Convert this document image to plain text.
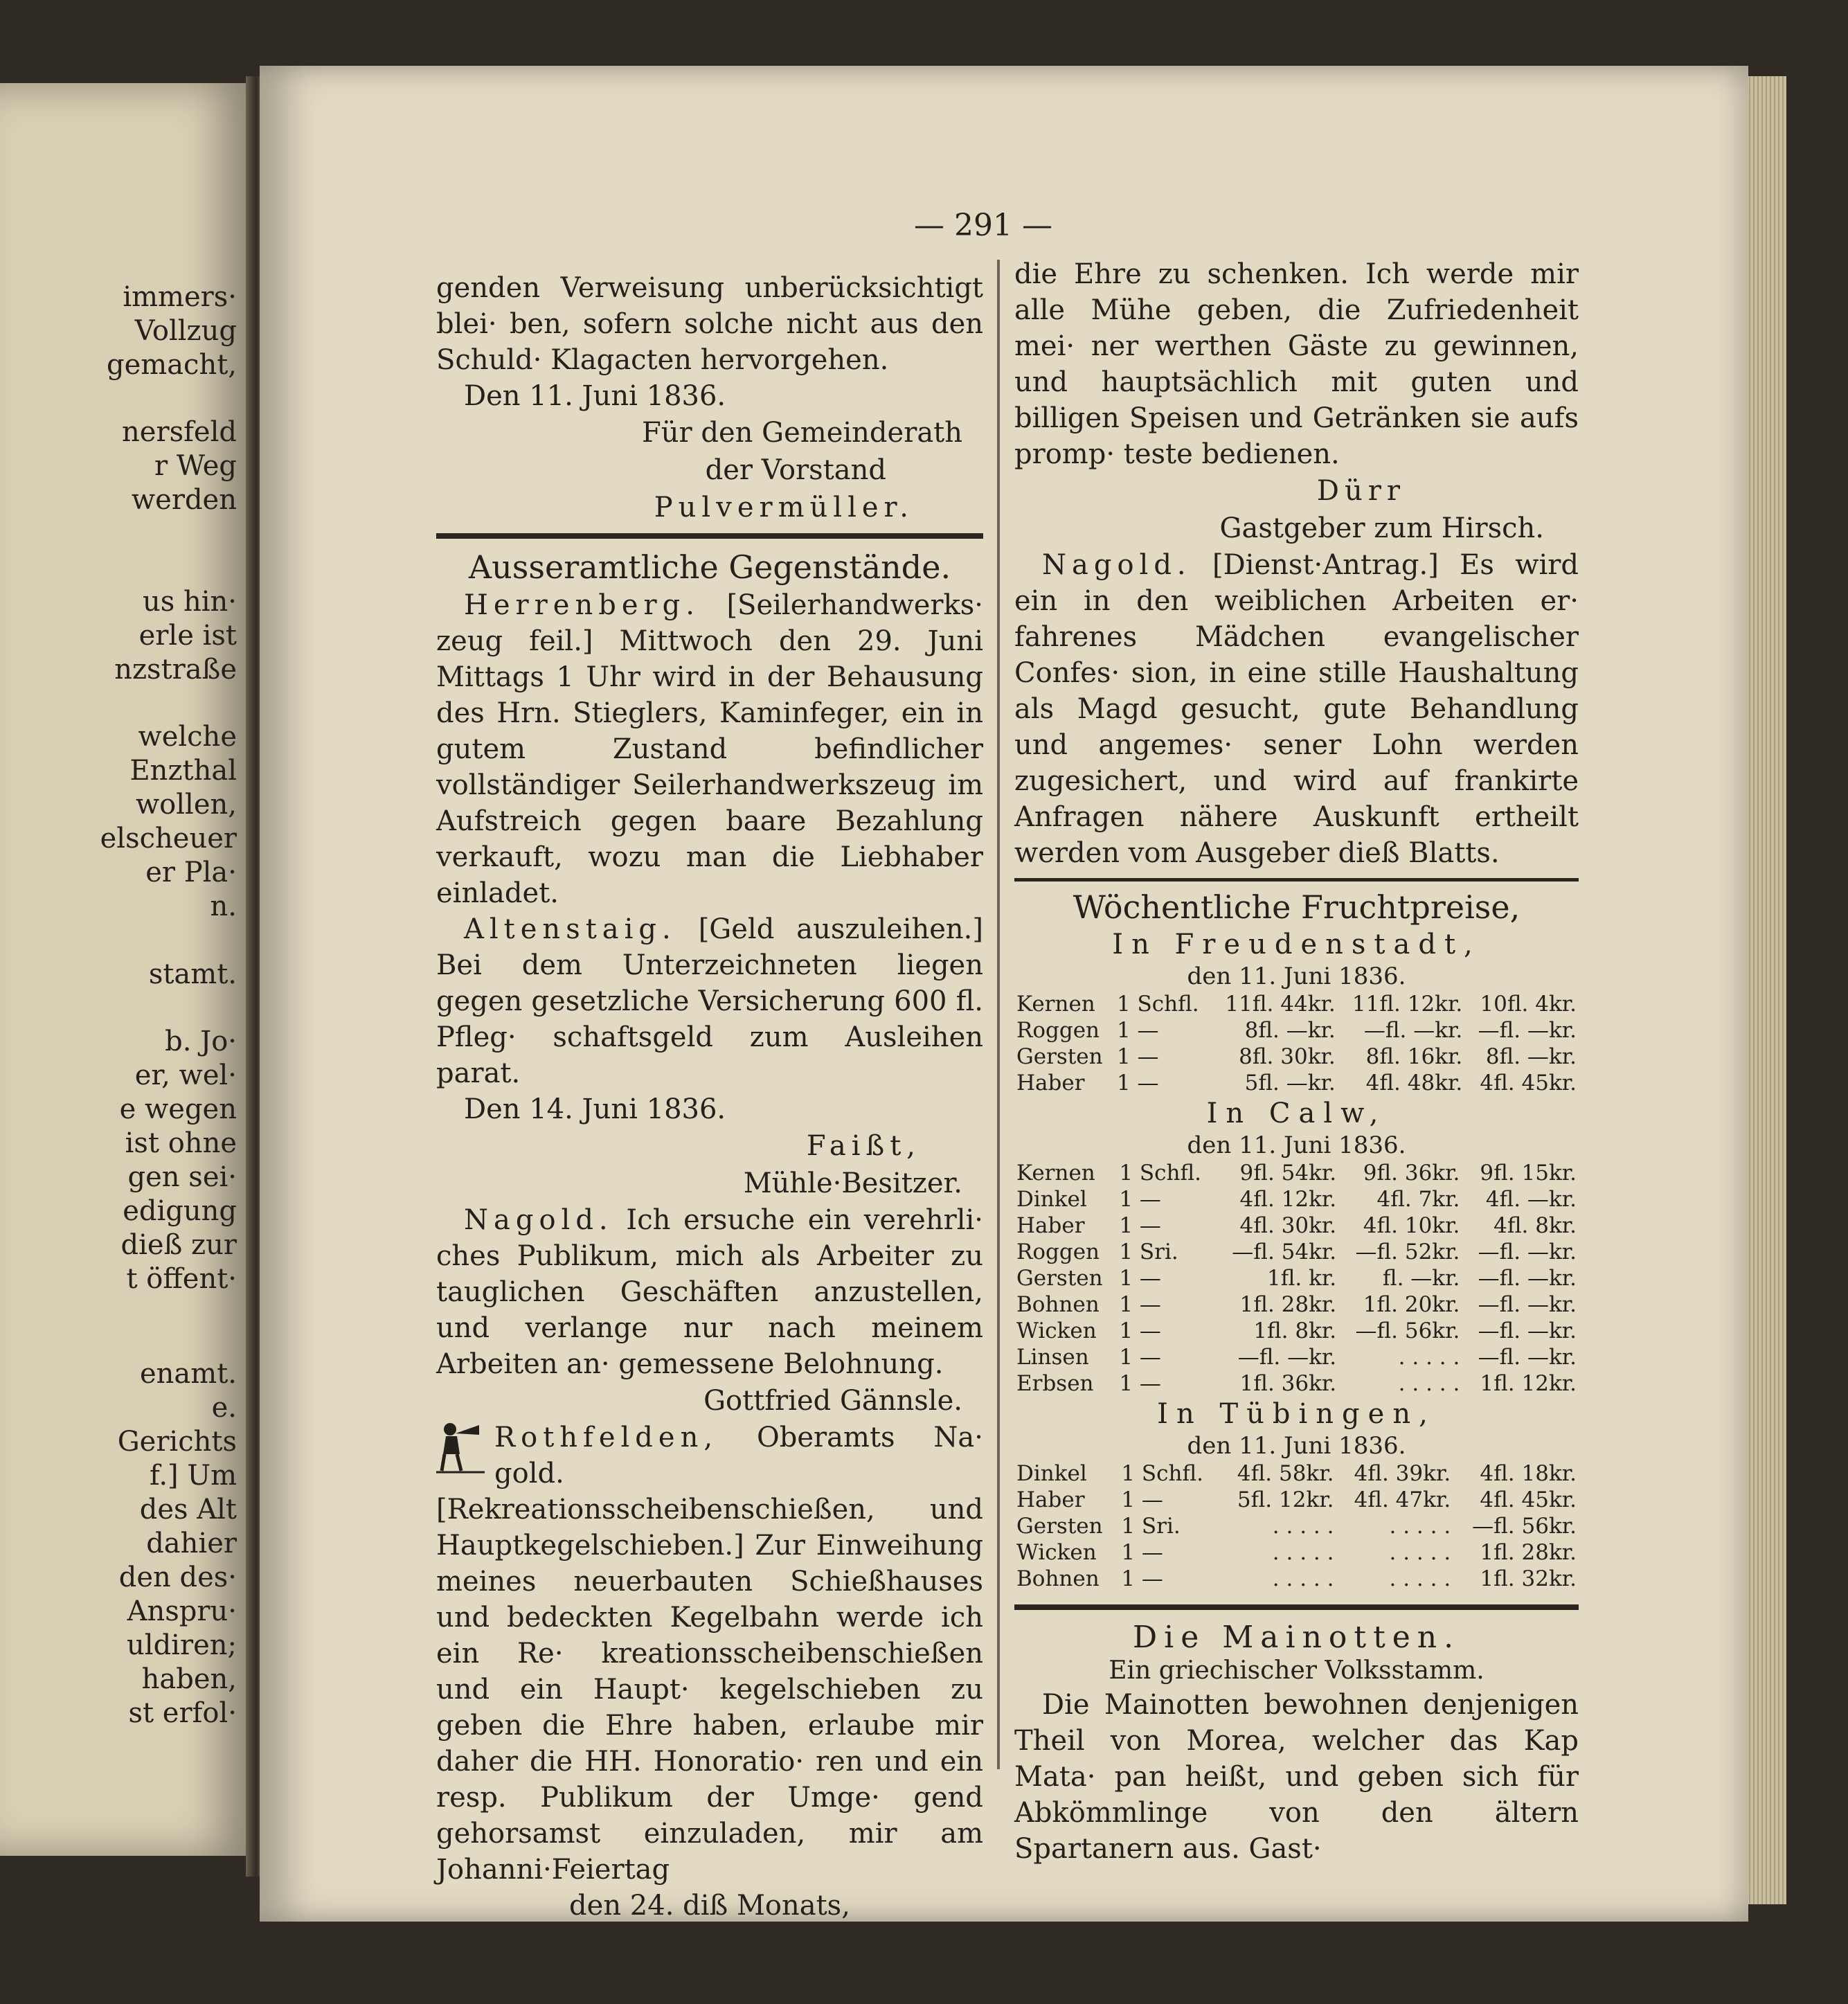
immers·
Vollzug
gemacht,
nersfeld
r Weg
werden
us hin·
erle ist
nzstraße
welche
Enzthal
wollen,
elscheuer
er Pla·
n.
stamt.
b. Jo·
er, wel·
e wegen
ist ohne
gen sei·
edigung
dieß zur
t öffent·
enamt.
e.
Gerichts
f.] Um
des Alt
dahier
den des·
Anspru·
uldiren;
haben,
st erfol·
— 291 —

genden Verweisung unberücksichtigt blei· ben, sofern solche nicht aus den Schuld· Klagacten hervorgehen.

Den 11. Juni 1836.

Für den Gemeinderath

der Vorstand

Pulvermüller.

Ausseramtliche Gegenstände.

Herrenberg. [Seilerhandwerks· zeug feil.] Mittwoch den 29. Juni Mittags 1 Uhr wird in der Behausung des Hrn. Stieglers, Kaminfeger, ein in gutem Zustand befindlicher vollständiger Seilerhandwerkszeug im Aufstreich gegen baare Bezahlung verkauft, wozu man die Liebhaber einladet.

Altenstaig. [Geld auszuleihen.] Bei dem Unterzeichneten liegen gegen gesetzliche Versicherung 600 fl. Pfleg· schaftsgeld zum Ausleihen parat.

Den 14. Juni 1836.

Faißt,

Mühle·Besitzer.

Nagold. Ich ersuche ein verehrli· ches Publikum, mich als Arbeiter zu tauglichen Geschäften anzustellen, und verlange nur nach meinem Arbeiten an· gemessene Belohnung.

Gottfried Gännsle.

Rothfelden, Oberamts Na· gold. [Rekreationsscheibenschießen, und Hauptkegelschieben.] Zur Einweihung meines neuerbauten Schießhauses und bedeckten Kegelbahn werde ich ein Re· kreationsscheibenschießen und ein Haupt· kegelschieben zu geben die Ehre haben, erlaube mir daher die HH. Honoratio· ren und ein resp. Publikum der Umge· gend gehorsamst einzuladen, mir am Johanni·Feiertag

den 24. diß Monats,

die Ehre zu schenken. Ich werde mir alle Mühe geben, die Zufriedenheit mei· ner werthen Gäste zu gewinnen, und hauptsächlich mit guten und billigen Speisen und Getränken sie aufs promp· teste bedienen.

Dürr

Gastgeber zum Hirsch.

Nagold. [Dienst·Antrag.] Es wird ein in den weiblichen Arbeiten er· fahrenes Mädchen evangelischer Confes· sion, in eine stille Haushaltung als Magd gesucht, gute Behandlung und angemes· sener Lohn werden zugesichert, und wird auf frankirte Anfragen nähere Auskunft ertheilt werden vom Ausgeber dieß Blatts.

Wöchentliche Fruchtpreise,
In Freudenstadt,

den 11. Juni 1836.

Kernen	1 Schfl.	11fl. 44kr.	11fl. 12kr.	10fl. 4kr.
Roggen	1 —	8fl. —kr.	—fl. —kr.	—fl. —kr.
Gersten	1 —	8fl. 30kr.	8fl. 16kr.	8fl. —kr.
Haber	1 —	5fl. —kr.	4fl. 48kr.	4fl. 45kr.
In Calw,

den 11. Juni 1836.

Kernen	1 Schfl.	9fl. 54kr.	9fl. 36kr.	9fl. 15kr.
Dinkel	1 —	4fl. 12kr.	4fl. 7kr.	4fl. —kr.
Haber	1 —	4fl. 30kr.	4fl. 10kr.	4fl. 8kr.
Roggen	1 Sri.	—fl. 54kr.	—fl. 52kr.	—fl. —kr.
Gersten	1 —	1fl. kr.	fl. —kr.	—fl. —kr.
Bohnen	1 —	1fl. 28kr.	1fl. 20kr.	—fl. —kr.
Wicken	1 —	1fl. 8kr.	—fl. 56kr.	—fl. —kr.
Linsen	1 —	—fl. —kr.	. . . . .	—fl. —kr.
Erbsen	1 —	1fl. 36kr.	. . . . .	1fl. 12kr.
In Tübingen,

den 11. Juni 1836.

Dinkel	1 Schfl.	4fl. 58kr.	4fl. 39kr.	4fl. 18kr.
Haber	1 —	5fl. 12kr.	4fl. 47kr.	4fl. 45kr.
Gersten	1 Sri.	. . . . .	. . . . .	—fl. 56kr.
Wicken	1 —	. . . . .	. . . . .	1fl. 28kr.
Bohnen	1 —	. . . . .	. . . . .	1fl. 32kr.
Die Mainotten.

Ein griechischer Volksstamm.

Die Mainotten bewohnen denjenigen Theil von Morea, welcher das Kap Mata· pan heißt, und geben sich für Abkömmlinge von den ältern Spartanern aus. Gast·
